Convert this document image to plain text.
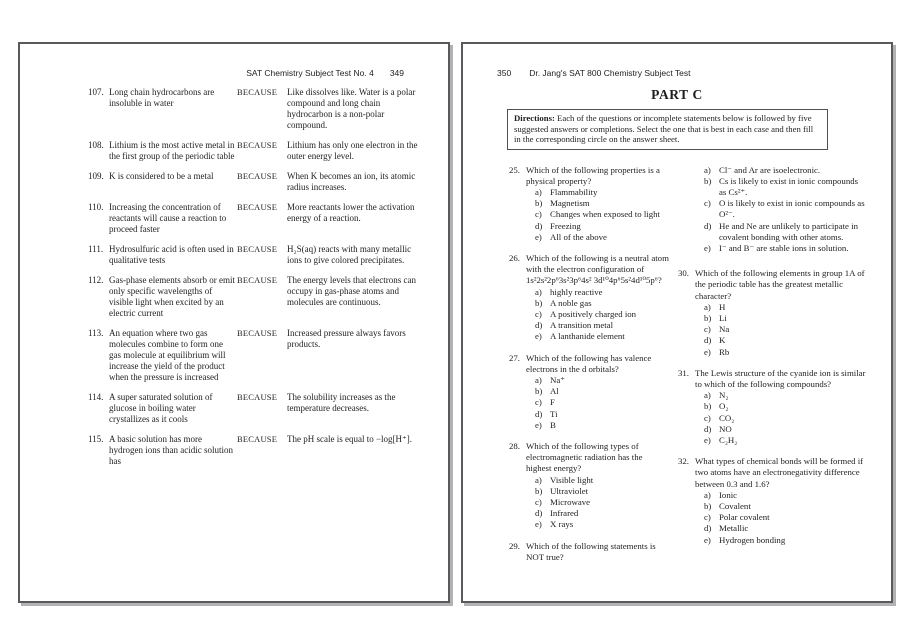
SAT Chemistry Subject Test No. 4 349
107. Long chain hydrocarbons are insoluble in water
BECAUSE	Like dissolves like. Water is a polar compound and long chain hydrocarbon is a non-polar compound.
108. Lithium is the most active metal in the first group of the periodic table
BECAUSE	Lithium has only one electron in the outer energy level.
109. K is considered to be a metal	BECAUSE	When K becomes an ion, its atomic radius increases.
110. Increasing the concentration of reactants will cause a reaction to proceed faster
BECAUSE	More reactants lower the activation energy of a reaction.
111. Hydrosulfuric acid is often used in qualitative tests
BECAUSE	H₂S(aq) reacts with many metallic ions to give colored precipitates.
112. Gas-phase elements absorb or emit only specific wavelengths of visible light when excited by an electric current
BECAUSE	The energy levels that electrons can occupy in gas-phase atoms and molecules are continuous.
113. An equation where two gas molecules combine to form one gas molecule at equilibrium will increase the yield of the product when the pressure is increased
BECAUSE	Increased pressure always favors products.
114. A super saturated solution of glucose in boiling water crystallizes as it cools
BECAUSE	The solubility increases as the temperature decreases.
115. A basic solution has more hydrogen ions than acidic solution has
BECAUSE	The pH scale is equal to −log[H⁺].
350 Dr. Jang's SAT 800 Chemistry Subject Test
PART C
Directions: Each of the questions or incomplete statements below is followed by five suggested answers or completions. Select the one that is best in each case and then fill in the corresponding circle on the answer sheet.
25. Which of the following properties is a physical property?
a) Flammability
b) Magnetism
c) Changes when exposed to light
d) Freezing
e) All of the above
26. Which of the following is a neutral atom with the electron configuration of 1s²2s²2p⁶3s²3p⁶4s² 3d¹⁰4p⁶5s²4d¹⁰5p⁶?
a) highly reactive
b) A noble gas
c) A positively charged ion
d) A transition metal
e) A lanthanide element
27. Which of the following has valence electrons in the d orbitals?
a) Na⁺
b) Al
c) F
d) Ti
e) B
28. Which of the following types of electromagnetic radiation has the highest energy?
a) Visible light
b) Ultraviolet
c) Microwave
d) Infrared
e) X rays
29. Which of the following statements is NOT true?
a) Cl⁻ and Ar are isoelectronic.
b) Cs is likely to exist in ionic compounds as Cs²⁺.
c) O is likely to exist in ionic compounds as O²⁻.
d) He and Ne are unlikely to participate in covalent bonding with other atoms.
e) I⁻ and B⁻ are stable ions in solution.
30. Which of the following elements in group 1A of the periodic table has the greatest metallic character?
a) H
b) Li
c) Na
d) K
e) Rb
31. The Lewis structure of the cyanide ion is similar to which of the following compounds?
a) N₂
b) O₂
c) CO₂
d) NO
e) C₂H₂
32. What types of chemical bonds will be formed if two atoms have an electronegativity difference between 0.3 and 1.6?
a) Ionic
b) Covalent
c) Polar covalent
d) Metallic
e) Hydrogen bonding
